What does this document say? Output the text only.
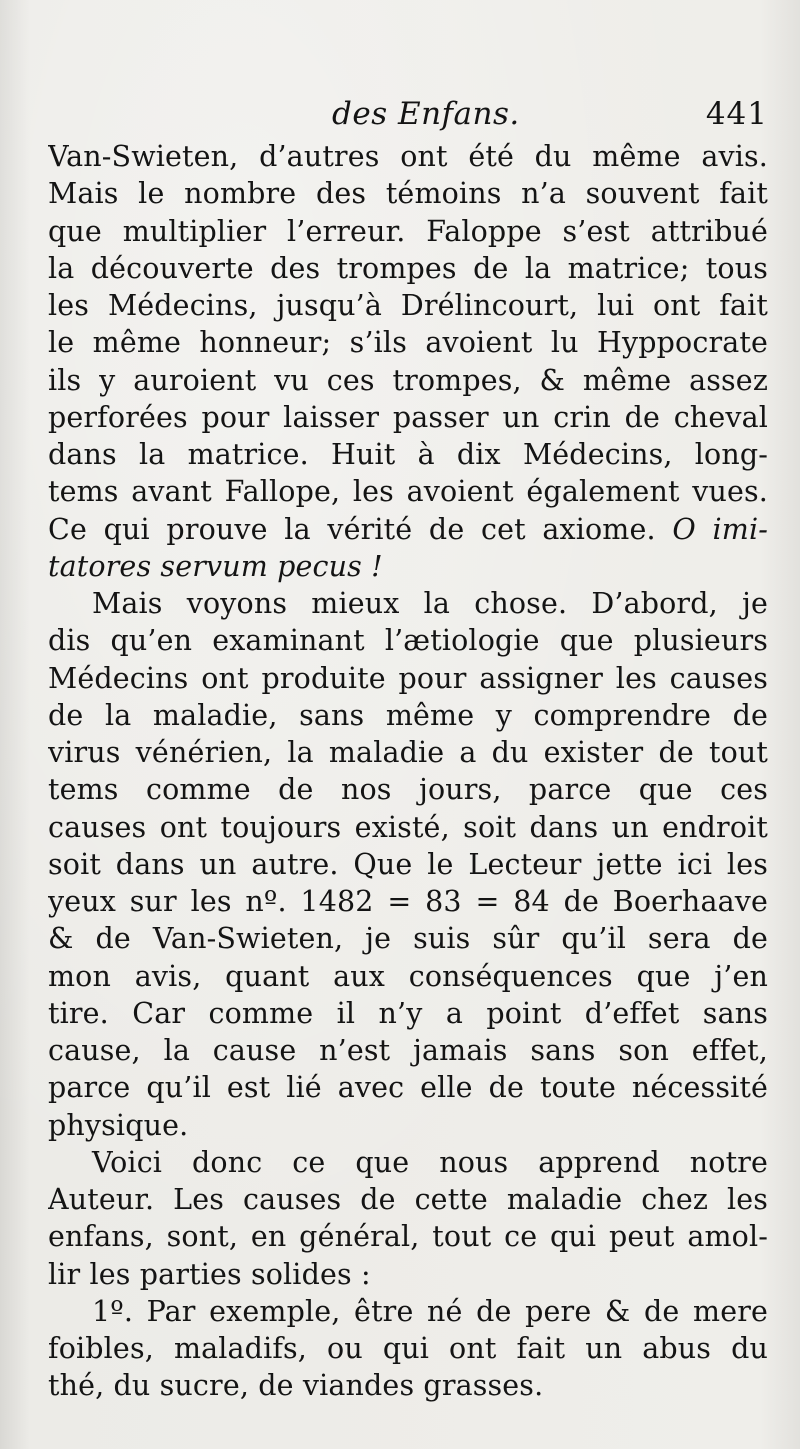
des Enfans.	441
Van-Swieten, d’autres ont été du même avis.
Mais le nombre des témoins n’a souvent fait
que multiplier l’erreur. Faloppe s’est attribué
la découverte des trompes de la matrice; tous
les Médecins, jusqu’à Drélincourt, lui ont fait
le même honneur; s’ils avoient lu Hyppocrate
ils y auroient vu ces trompes, & même assez
perforées pour laisser passer un crin de cheval
dans la matrice. Huit à dix Médecins, long-
tems avant Fallope, les avoient également vues.
Ce qui prouve la vérité de cet axiome. O imi-
tatores servum pecus !
Mais voyons mieux la chose. D’abord, je
dis qu’en examinant l’ætiologie que plusieurs
Médecins ont produite pour assigner les causes
de la maladie, sans même y comprendre de
virus vénérien, la maladie a du exister de tout
tems comme de nos jours, parce que ces
causes ont toujours existé, soit dans un endroit
soit dans un autre. Que le Lecteur jette ici les
yeux sur les nº. 1482 = 83 = 84 de Boerhaave
& de Van-Swieten, je suis sûr qu’il sera de
mon avis, quant aux conséquences que j’en
tire. Car comme il n’y a point d’effet sans
cause, la cause n’est jamais sans son effet,
parce qu’il est lié avec elle de toute nécessité
physique.
Voici donc ce que nous apprend notre
Auteur. Les causes de cette maladie chez les
enfans, sont, en général, tout ce qui peut amol-
lir les parties solides :
1º. Par exemple, être né de pere & de mere
foibles, maladifs, ou qui ont fait un abus du
thé, du sucre, de viandes grasses.
